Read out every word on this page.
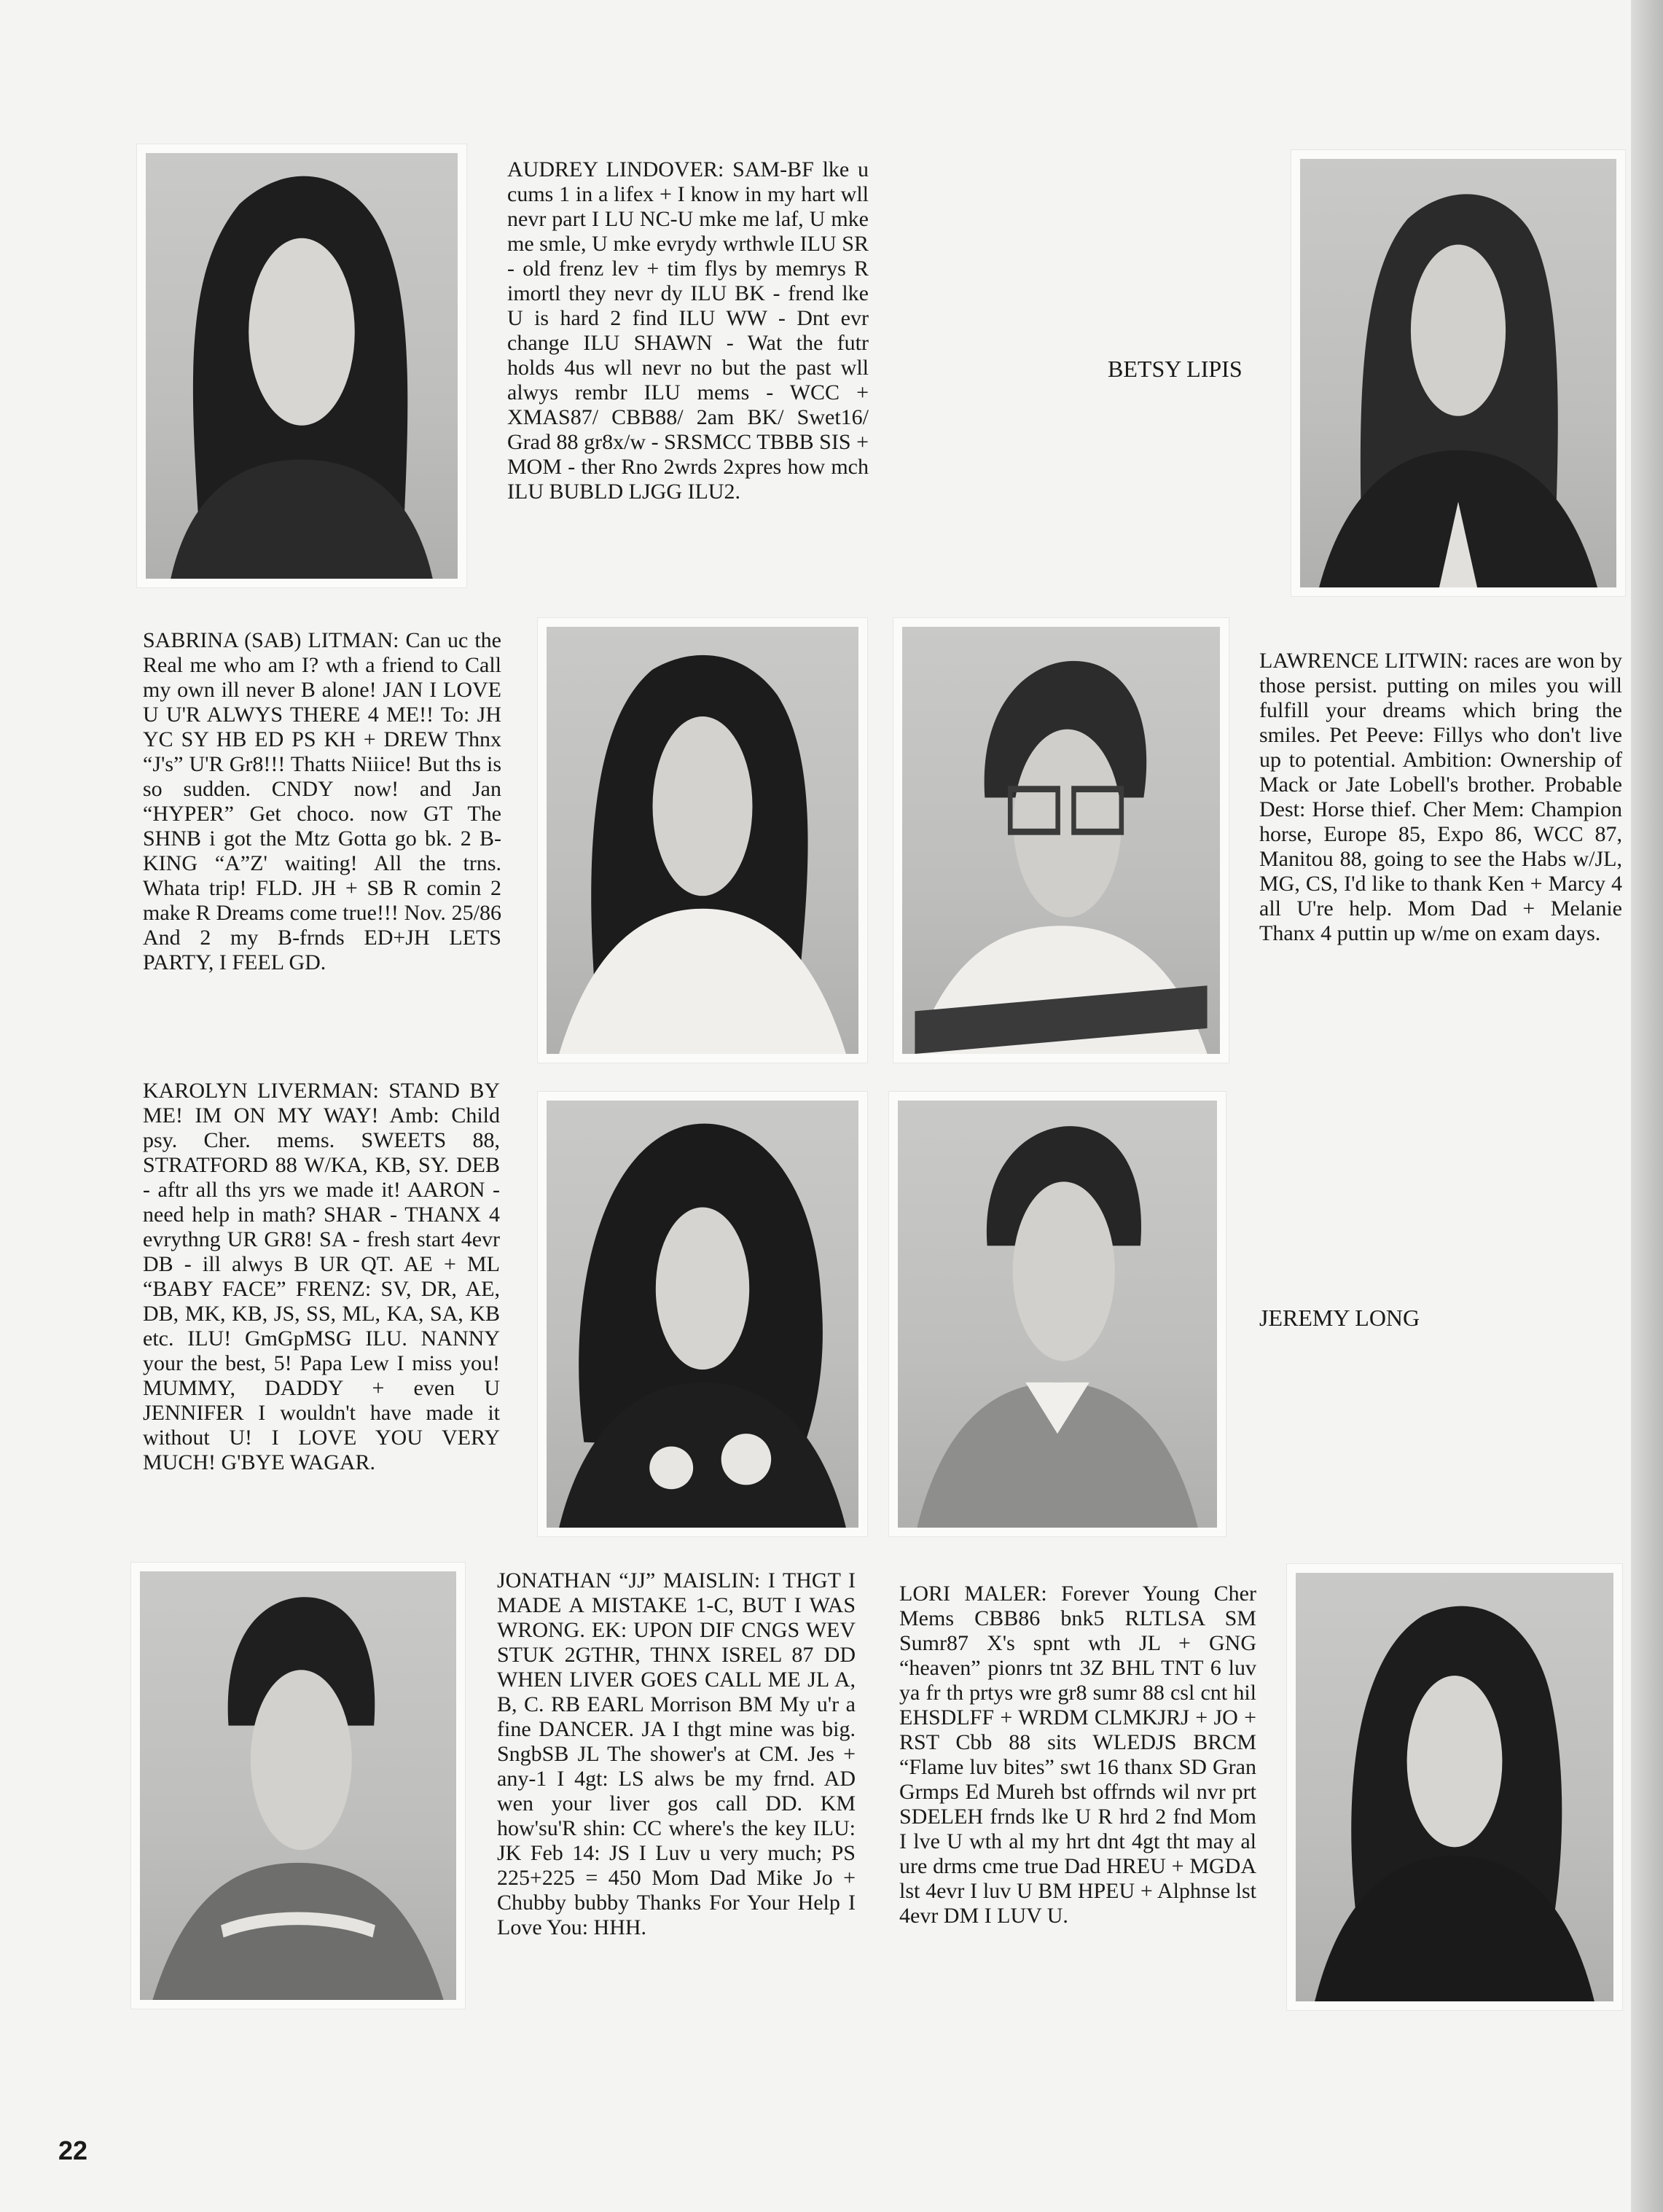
AUDREY LINDOVER: SAM-BF lke u cums 1 in a lifex + I know in my hart wll nevr part I LU NC-U mke me laf, U mke me smle, U mke evrydy wrthwle ILU SR - old frenz lev + tim flys by memrys R imortl they nevr dy ILU BK - frend lke U is hard 2 find ILU WW - Dnt evr change ILU SHAWN - Wat the futr holds 4us wll nevr no but the past wll alwys rembr ILU mems - WCC + XMAS87/ CBB88/ 2am BK/ Swet16/ Grad 88 gr8x/w - SRSMCC TBBB SIS + MOM - ther Rno 2wrds 2xpres how mch ILU BUBLD LJGG ILU2.

BETSY LIPIS

SABRINA (SAB) LITMAN: Can uc the Real me who am I? wth a friend to Call my own ill never B alone! JAN I LOVE U U'R ALWYS THERE 4 ME!! To: JH YC SY HB ED PS KH + DREW Thnx “J's” U'R Gr8!!! Thatts Niiice! But ths is so sudden. CNDY now! and Jan “HYPER” Get choco. now GT The SHNB i got the Mtz Gotta go bk. 2 B-KING “A”Z' waiting! All the trns. Whata trip! FLD. JH + SB R comin 2 make R Dreams come true!!! Nov. 25/86 And 2 my B-frnds ED+JH LETS PARTY, I FEEL GD.

LAWRENCE LITWIN: races are won by those persist. putting on miles you will fulfill your dreams which bring the smiles. Pet Peeve: Fillys who don't live up to potential. Ambition: Ownership of Mack or Jate Lobell's brother. Probable Dest: Horse thief. Cher Mem: Champion horse, Europe 85, Expo 86, WCC 87, Manitou 88, going to see the Habs w/JL, MG, CS, I'd like to thank Ken + Marcy 4 all U're help. Mom Dad + Melanie Thanx 4 puttin up w/me on exam days.

KAROLYN LIVERMAN: STAND BY ME! IM ON MY WAY! Amb: Child psy. Cher. mems. SWEETS 88, STRATFORD 88 W/KA, KB, SY. DEB - aftr all ths yrs we made it! AARON - need help in math? SHAR - THANX 4 evrythng UR GR8! SA - fresh start 4evr DB - ill alwys B UR QT. AE + ML “BABY FACE” FRENZ: SV, DR, AE, DB, MK, KB, JS, SS, ML, KA, SA, KB etc. ILU! GmGpMSG ILU. NANNY your the best, 5! Papa Lew I miss you! MUMMY, DADDY + even U JENNIFER I wouldn't have made it without U! I LOVE YOU VERY MUCH! G'BYE WAGAR.

JEREMY LONG

JONATHAN “JJ” MAISLIN: I THGT I MADE A MISTAKE 1-C, BUT I WAS WRONG. EK: UPON DIF CNGS WEV STUK 2GTHR, THNX ISREL 87 DD WHEN LIVER GOES CALL ME JL A, B, C. RB EARL Morrison BM My u'r a fine DANCER. JA I thgt mine was big. SngbSB JL The shower's at CM. Jes + any-1 I 4gt: LS alws be my frnd. AD wen your liver gos call DD. KM how'su'R shin: CC where's the key ILU: JK Feb 14: JS I Luv u very much; PS 225+225 = 450 Mom Dad Mike Jo + Chubby bubby Thanks For Your Help I Love You: HHH.

LORI MALER: Forever Young Cher Mems CBB86 bnk5 RLTLSA SM Sumr87 X's spnt wth JL + GNG “heaven” pionrs tnt 3Z BHL TNT 6 luv ya fr th prtys wre gr8 sumr 88 csl cnt hil EHSDLFF + WRDM CLMKJRJ + JO + RST Cbb 88 sits WLEDJS BRCM “Flame luv bites” swt 16 thanx SD Gran Grmps Ed Mureh bst offrnds wil nvr prt SDELEH frnds lke U R hrd 2 fnd Mom I lve U wth al my hrt dnt 4gt tht may al ure drms cme true Dad HREU + MGDA lst 4evr I luv U BM HPEU + Alphnse lst 4evr DM I LUV U.

22
